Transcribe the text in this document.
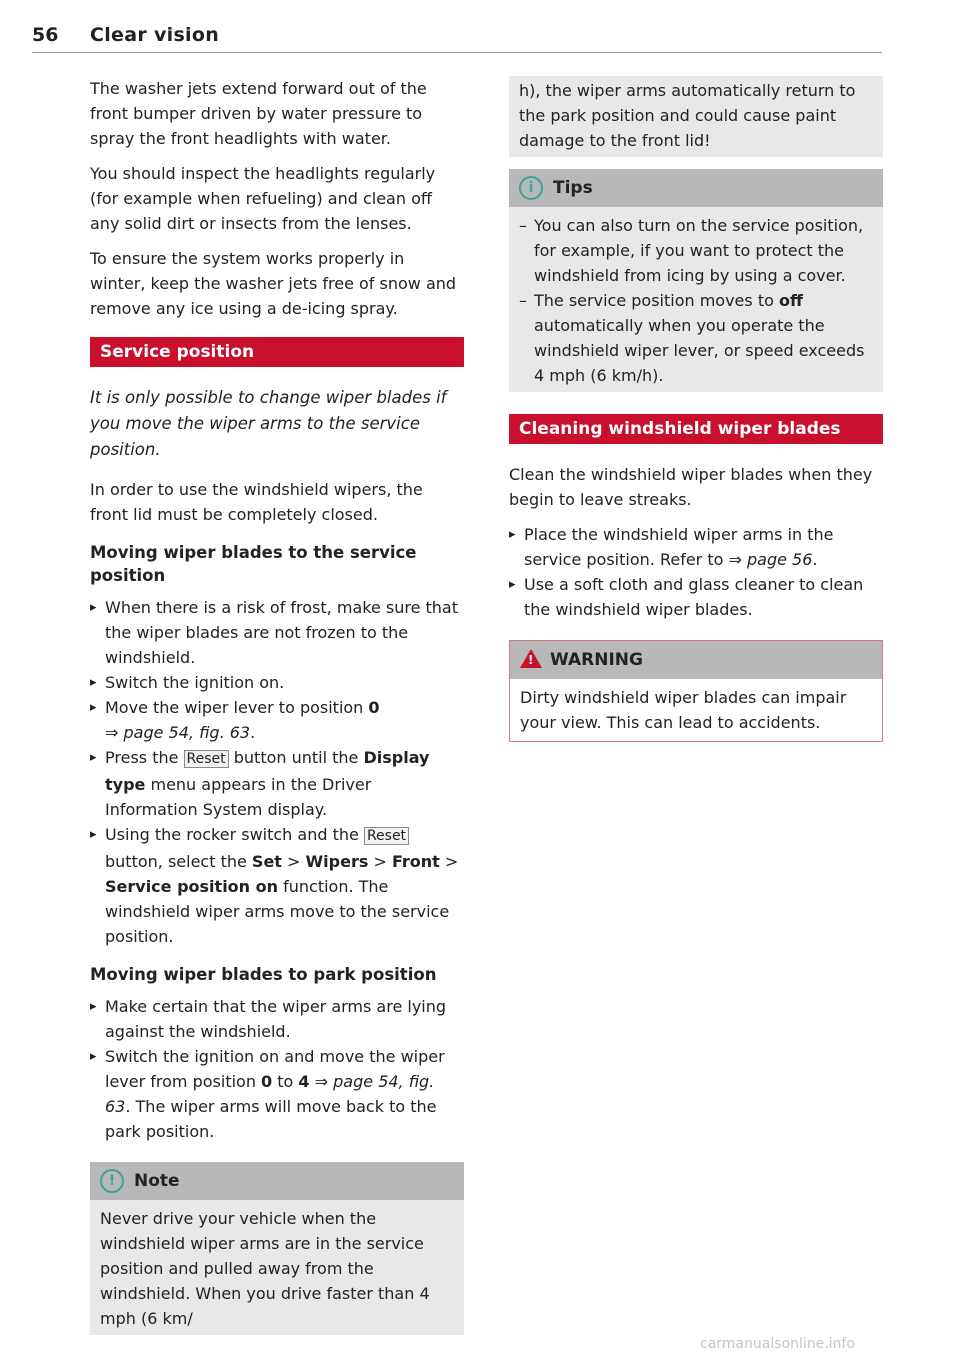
56 Clear vision

The washer jets extend forward out of the front bumper driven by water pressure to spray the front headlights with water.

You should inspect the headlights regularly (for example when refueling) and clean off any solid dirt or insects from the lenses.

To ensure the system works properly in winter, keep the washer jets free of snow and remove any ice using a de-icing spray.

Service position

It is only possible to change wiper blades if you move the wiper arms to the service position.

In order to use the windshield wipers, the front lid must be completely closed.

Moving wiper blades to the service position
▸ When there is a risk of frost, make sure that the wiper blades are not frozen to the windshield.
▸ Switch the ignition on.
▸ Move the wiper lever to position 0
⇒ page 54, fig. 63.
▸ Press the Reset button until the Display type menu appears in the Driver Information System display.
▸ Using the rocker switch and the Reset button, select the Set > Wipers > Front > Service position on function. The windshield wiper arms move to the service position.
Moving wiper blades to park position
▸ Make certain that the wiper arms are lying against the windshield.
▸ Switch the ignition on and move the wiper lever from position 0 to 4 ⇒ page 54, fig. 63. The wiper arms will move back to the park position.
! Note
Never drive your vehicle when the windshield wiper arms are in the service position and pulled away from the windshield. When you drive faster than 4 mph (6 km/
h), the wiper arms automatically return to the park position and could cause paint damage to the front lid!
i Tips
– You can also turn on the service position, for example, if you want to protect the windshield from icing by using a cover.
– The service position moves to off automatically when you operate the windshield wiper lever, or speed exceeds 4 mph (6 km/h).
Cleaning windshield wiper blades

Clean the windshield wiper blades when they begin to leave streaks.

▸ Place the windshield wiper arms in the service position. Refer to ⇒ page 56.
▸ Use a soft cloth and glass cleaner to clean the windshield wiper blades.
! WARNING
Dirty windshield wiper blades can impair your view. This can lead to accidents.
carmanualsonline.info
